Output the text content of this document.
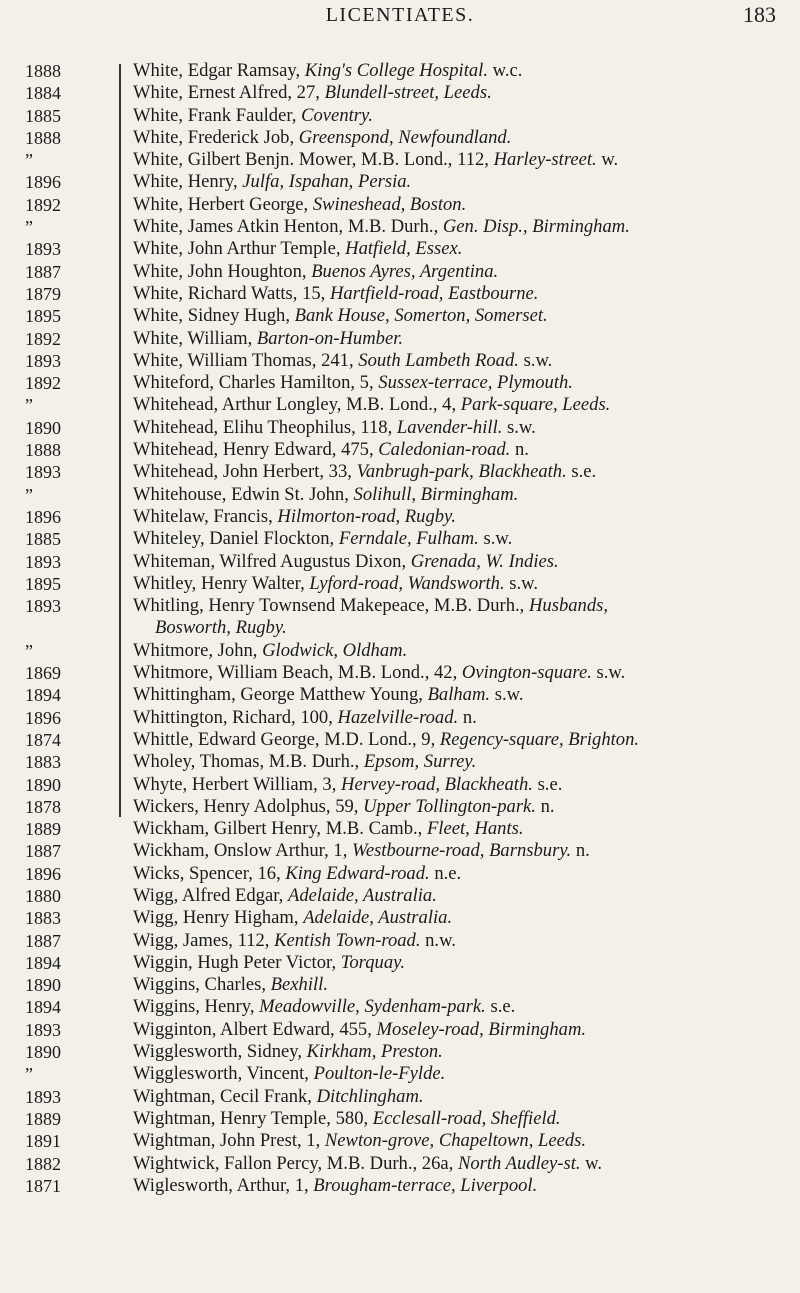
LICENTIATES.	183
1888	White, Edgar Ramsay, King's College Hospital. w.c.
1884	White, Ernest Alfred, 27, Blundell-street, Leeds.
1885	White, Frank Faulder, Coventry.
1888	White, Frederick Job, Greenspond, Newfoundland.
”	White, Gilbert Benjn. Mower, M.B. Lond., 112, Harley-street. w.
1896	White, Henry, Julfa, Ispahan, Persia.
1892	White, Herbert George, Swineshead, Boston.
”	White, James Atkin Henton, M.B. Durh., Gen. Disp., Birmingham.
1893	White, John Arthur Temple, Hatfield, Essex.
1887	White, John Houghton, Buenos Ayres, Argentina.
1879	White, Richard Watts, 15, Hartfield-road, Eastbourne.
1895	White, Sidney Hugh, Bank House, Somerton, Somerset.
1892	White, William, Barton-on-Humber.
1893	White, William Thomas, 241, South Lambeth Road. s.w.
1892	Whiteford, Charles Hamilton, 5, Sussex-terrace, Plymouth.
”	Whitehead, Arthur Longley, M.B. Lond., 4, Park-square, Leeds.
1890	Whitehead, Elihu Theophilus, 118, Lavender-hill. s.w.
1888	Whitehead, Henry Edward, 475, Caledonian-road. n.
1893	Whitehead, John Herbert, 33, Vanbrugh-park, Blackheath. s.e.
”	Whitehouse, Edwin St. John, Solihull, Birmingham.
1896	Whitelaw, Francis, Hilmorton-road, Rugby.
1885	Whiteley, Daniel Flockton, Ferndale, Fulham. s.w.
1893	Whiteman, Wilfred Augustus Dixon, Grenada, W. Indies.
1895	Whitley, Henry Walter, Lyford-road, Wandsworth. s.w.
1893	Whitling, Henry Townsend Makepeace, M.B. Durh., Husbands,
Bosworth, Rugby.
”	Whitmore, John, Glodwick, Oldham.
1869	Whitmore, William Beach, M.B. Lond., 42, Ovington-square. s.w.
1894	Whittingham, George Matthew Young, Balham. s.w.
1896	Whittington, Richard, 100, Hazelville-road. n.
1874	Whittle, Edward George, M.D. Lond., 9, Regency-square, Brighton.
1883	Wholey, Thomas, M.B. Durh., Epsom, Surrey.
1890	Whyte, Herbert William, 3, Hervey-road, Blackheath. s.e.
1878	Wickers, Henry Adolphus, 59, Upper Tollington-park. n.
1889	Wickham, Gilbert Henry, M.B. Camb., Fleet, Hants.
1887	Wickham, Onslow Arthur, 1, Westbourne-road, Barnsbury. n.
1896	Wicks, Spencer, 16, King Edward-road. n.e.
1880	Wigg, Alfred Edgar, Adelaide, Australia.
1883	Wigg, Henry Higham, Adelaide, Australia.
1887	Wigg, James, 112, Kentish Town-road. n.w.
1894	Wiggin, Hugh Peter Victor, Torquay.
1890	Wiggins, Charles, Bexhill.
1894	Wiggins, Henry, Meadowville, Sydenham-park. s.e.
1893	Wigginton, Albert Edward, 455, Moseley-road, Birmingham.
1890	Wigglesworth, Sidney, Kirkham, Preston.
”	Wigglesworth, Vincent, Poulton-le-Fylde.
1893	Wightman, Cecil Frank, Ditchlingham.
1889	Wightman, Henry Temple, 580, Ecclesall-road, Sheffield.
1891	Wightman, John Prest, 1, Newton-grove, Chapeltown, Leeds.
1882	Wightwick, Fallon Percy, M.B. Durh., 26a, North Audley-st. w.
1871	Wiglesworth, Arthur, 1, Brougham-terrace, Liverpool.
